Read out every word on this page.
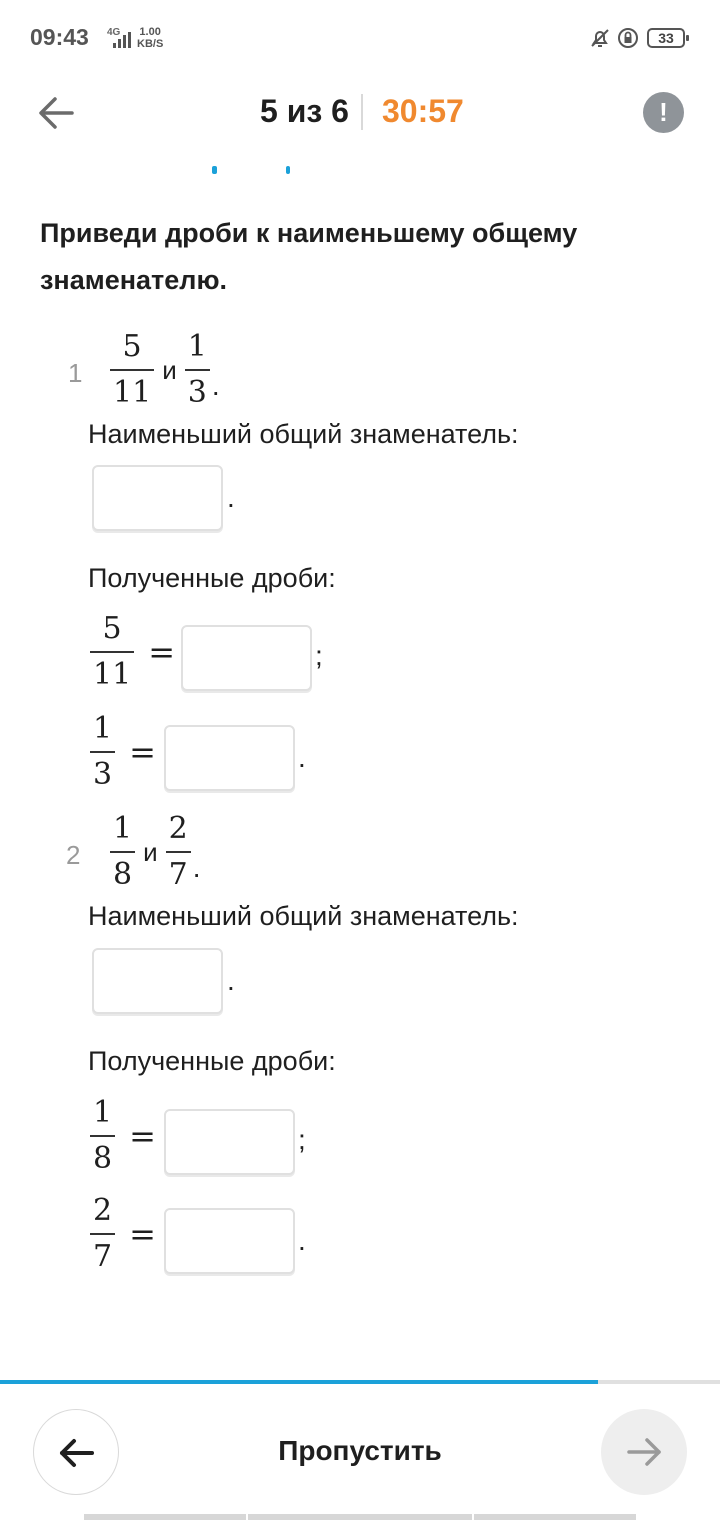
09:43 4G 1.00
KB/S	33
5 из 6 30:57	!
Приведи дроби к наименьшему общему знаменателю.
$1 \frac{5}{11}$ и $\frac{1}{3}$ .
Наименьший общий знаменатель:
.
Полученные дроби:
$\frac{5}{11}$ =	;
$\frac{1}{3}$ =	.
$2 \frac{1}{8}$ и $\frac{2}{7}$ .
Наименьший общий знаменатель:
.
Полученные дроби:
$\frac{1}{8}$ =	;
$\frac{2}{7}$ =	.
Пропустить
